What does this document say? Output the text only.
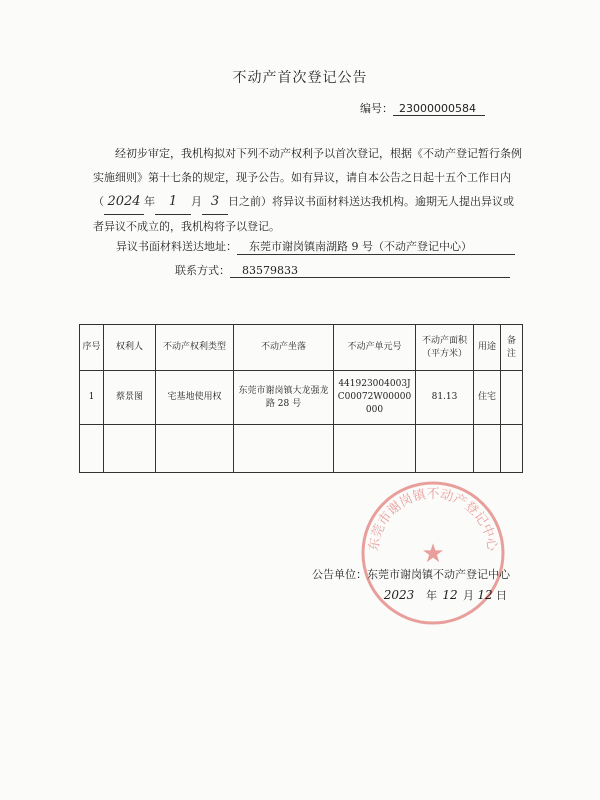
不动产首次登记公告
编号： 23000000584

经初步审定，我机构拟对下列不动产权利予以首次登记，根据《不动产登记暂行条例实施细则》第十七条的规定，现予公告。如有异议，请自本公告之日起十五个工作日内

（ 2024 年 1 月 3 日之前）将异议书面材料送达我机构。逾期无人提出异议或者异议不成立的，我机构将予以登记。
异议书面材料送达地址： 东莞市谢岗镇南湖路 9 号（不动产登记中心）
联系方式： 83579833
序号	权利人	不动产权利类型	不动产坐落	不动产单元号	不动产面积（平方米）	用途	备注
1	蔡景图	宅基地使用权	东莞市谢岗镇大龙强龙路 28 号	441923004003JC00072W00000000	81.13	住宅	

东莞市谢岗镇不动产登记中心
★
公告单位：东莞市谢岗镇不动产登记中心
2023 年 12 月 12 日
